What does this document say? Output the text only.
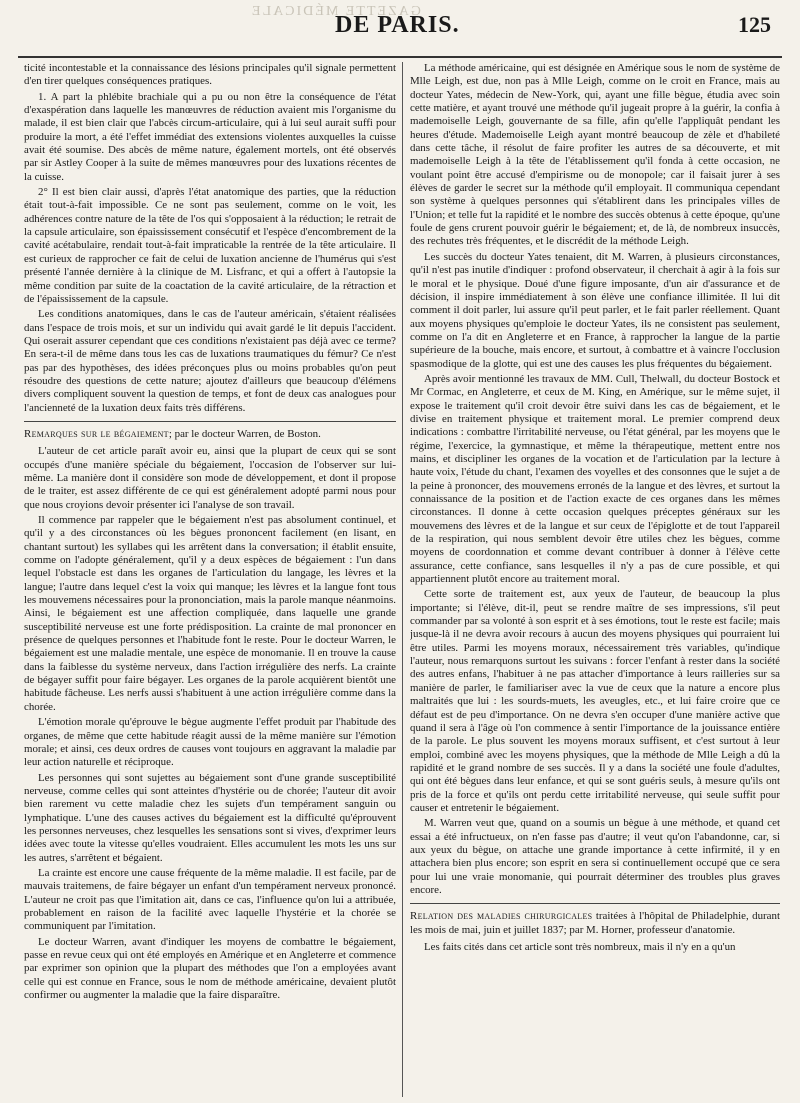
GAZETTE MÉDICALE
DE PARIS.	125

ticité incontestable et la connaissance des lésions principales qu'il signale permettent d'en tirer quelques conséquences pratiques.

1. A part la phlébite brachiale qui a pu ou non être la conséquence de l'état d'exaspération dans laquelle les manœuvres de réduction avaient mis l'organisme du malade, il est bien clair que l'abcès circum-articulaire, qui à lui seul aurait suffi pour produire la mort, a été l'effet immédiat des extensions violentes auxquelles la cuisse avait été soumise. Des abcès de même nature, également mortels, ont été observés par sir Astley Cooper à la suite de mêmes manœuvres pour des luxations récentes de la cuisse.

2° Il est bien clair aussi, d'après l'état anatomique des parties, que la réduction était tout-à-fait impossible. Ce ne sont pas seulement, comme on le voit, les adhérences contre nature de la tête de l'os qui s'opposaient à la réduction; le retrait de la capsule articulaire, son épaississement consécutif et l'espèce d'encombrement de la cavité acétabulaire, rendait tout-à-fait impraticable la rentrée de la tête articulaire. Il est curieux de rapprocher ce fait de celui de luxation ancienne de l'humérus qui s'est présenté l'année dernière à la clinique de M. Lisfranc, et qui a offert à l'autopsie la même condition par suite de la coactation de la cavité articulaire, de la rétraction et de l'épaississement de la capsule.

Les conditions anatomiques, dans le cas de l'auteur américain, s'étaient réalisées dans l'espace de trois mois, et sur un individu qui avait gardé le lit depuis l'accident. Qui oserait assurer cependant que ces conditions n'existaient pas déjà avec ce terme? En sera-t-il de même dans tous les cas de luxations traumatiques du fémur? Ce n'est pas par des hypothèses, des idées préconçues plus ou moins probables qu'on peut résoudre des questions de cette nature; ajoutez d'ailleurs que beaucoup d'élémens divers compliquent souvent la question de temps, et font de deux cas analogues pour l'ancienneté de la luxation deux faits très différens.

Remarques sur le bégaiement; par le docteur Warren, de Boston.

L'auteur de cet article paraît avoir eu, ainsi que la plupart de ceux qui se sont occupés d'une manière spéciale du bégaiement, l'occasion de l'observer sur lui-même. La manière dont il considère son mode de développement, et dont il propose de le traiter, est assez différente de ce qui est généralement adopté parmi nous pour que nous croyions devoir présenter ici l'analyse de son travail.

Il commence par rappeler que le bégaiement n'est pas absolument continuel, et qu'il y a des circonstances où les bègues prononcent facilement (en lisant, en chantant surtout) les syllabes qui les arrêtent dans la conversation; il établit ensuite, comme on l'adopte généralement, qu'il y a deux espèces de bégaiement : l'un dans lequel l'obstacle est dans les organes de l'articulation du langage, les lèvres et la langue; l'autre dans lequel c'est la voix qui manque; les lèvres et la langue font tous les mouvemens nécessaires pour la prononciation, mais la parole manque néanmoins. Ainsi, le bégaiement est une affection compliquée, dans laquelle une grande susceptibilité nerveuse est une forte prédisposition. La crainte de mal prononcer en présence de quelques personnes et l'habitude font le reste. Pour le docteur Warren, le bégaiement est une maladie mentale, une espèce de monomanie. Il en trouve la cause dans la faiblesse du système nerveux, dans l'action irrégulière des nerfs. La crainte de bégayer suffit pour faire bégayer. Les organes de la parole acquièrent bientôt une habitude fâcheuse. Les nerfs aussi s'habituent à une action irrégulière comme dans la chorée.

L'émotion morale qu'éprouve le bègue augmente l'effet produit par l'habitude des organes, de même que cette habitude réagit aussi de la même manière sur l'émotion morale; et ainsi, ces deux ordres de causes vont toujours en aggravant la maladie par leur action naturelle et réciproque.

Les personnes qui sont sujettes au bégaiement sont d'une grande susceptibilité nerveuse, comme celles qui sont atteintes d'hystérie ou de chorée; l'auteur dit avoir bien rarement vu cette maladie chez les sujets d'un tempérament sanguin ou lymphatique. L'une des causes actives du bégaiement est la difficulté qu'éprouvent les personnes nerveuses, chez lesquelles les sensations sont si vives, d'exprimer leurs idées avec toute la vitesse qu'elles voudraient. Elles accumulent les mots les uns sur les autres, s'arrêtent et bégaient.

La crainte est encore une cause fréquente de la même maladie. Il est facile, par de mauvais traitemens, de faire bégayer un enfant d'un tempérament nerveux prononcé. L'auteur ne croit pas que l'imitation ait, dans ce cas, l'influence qu'on lui a attribuée, probablement en raison de la facilité avec laquelle l'hystérie et la chorée se communiquent par l'imitation.

Le docteur Warren, avant d'indiquer les moyens de combattre le bégaiement, passe en revue ceux qui ont été employés en Amérique et en Angleterre et commence par exprimer son opinion que la plupart des méthodes que l'on a employées avant celle qui est connue en France, sous le nom de méthode américaine, devaient plutôt confirmer ou augmenter la maladie que la faire disparaître.

La méthode américaine, qui est désignée en Amérique sous le nom de système de Mlle Leigh, est due, non pas à Mlle Leigh, comme on le croit en France, mais au docteur Yates, médecin de New-York, qui, ayant une fille bègue, étudia avec soin cette matière, et ayant trouvé une méthode qu'il jugeait propre à la guérir, la confia à mademoiselle Leigh, gouvernante de sa fille, afin qu'elle l'appliquât pendant les heures d'étude. Mademoiselle Leigh ayant montré beaucoup de zèle et d'habileté dans cette tâche, il résolut de faire profiter les autres de sa découverte, et mit mademoiselle Leigh à la tête de l'établissement qu'il fonda à cette occasion, ne voulant point être accusé d'empirisme ou de monopole; car il faisait jurer à ses élèves de garder le secret sur la méthode qu'il employait. Il communiqua cependant son système à quelques personnes qui s'établirent dans les principales villes de l'Union; et telle fut la rapidité et le nombre des succès obtenus à cette époque, qu'une foule de gens crurent pouvoir guérir le bégaiement; et, de là, de nombreux insuccès, des rechutes très fréquentes, et le discrédit de la méthode Leigh.

Les succès du docteur Yates tenaient, dit M. Warren, à plusieurs circonstances, qu'il n'est pas inutile d'indiquer : profond observateur, il cherchait à agir à la fois sur le moral et le physique. Doué d'une figure imposante, d'un air d'assurance et de décision, il inspire immédiatement à son élève une confiance illimitée. Il lui dit comment il doit parler, lui assure qu'il peut parler, et le fait parler réellement. Quant aux moyens physiques qu'emploie le docteur Yates, ils ne consistent pas seulement, comme on l'a dit en Angleterre et en France, à rapprocher la langue de la partie supérieure de la bouche, mais encore, et surtout, à combattre et à vaincre l'occlusion spasmodique de la glotte, qui est une des causes les plus fréquentes du bégaiement.

Après avoir mentionné les travaux de MM. Cull, Thelwall, du docteur Bostock et Mr Cormac, en Angleterre, et ceux de M. King, en Amérique, sur le même sujet, il expose le traitement qu'il croit devoir être suivi dans les cas de bégaiement, et le divise en traitement physique et traitement moral. Le premier comprend deux indications : combattre l'irritabilité nerveuse, ou l'état général, par les moyens que le régime, l'exercice, la gymnastique, et même la thérapeutique, mettent entre nos mains, et discipliner les organes de la vocation et de l'articulation par la lecture à haute voix, l'étude du chant, l'examen des voyelles et des consonnes que le sujet a de la peine à prononcer, des mouvemens erronés de la langue et des lèvres, et surtout la connaissance de la position et de l'action exacte de ces organes dans les mêmes circonstances. Il donne à cette occasion quelques préceptes généraux sur les mouvemens des lèvres et de la langue et sur ceux de l'épiglotte et de tout l'appareil de la respiration, qui nous semblent devoir être utiles chez les bègues, comme moyens de coordonnation et comme devant contribuer à donner à l'élève cette assurance, cette confiance, sans lesquelles il n'y a pas de cure possible, et qui appartiennent plutôt encore au traitement moral.

Cette sorte de traitement est, aux yeux de l'auteur, de beaucoup la plus importante; si l'élève, dit-il, peut se rendre maître de ses impressions, s'il peut commander par sa volonté à son esprit et à ses émotions, tout le reste est facile; mais jusque-là il ne devra avoir recours à aucun des moyens physiques qui pourraient lui être utiles. Parmi les moyens moraux, nécessairement très variables, qu'indique l'auteur, nous remarquons surtout les suivans : forcer l'enfant à rester dans la société des autres enfans, l'habituer à ne pas attacher d'importance à leurs railleries sur sa manière de parler, le familiariser avec la vue de ceux que la nature a encore plus maltraités que lui : les sourds-muets, les aveugles, etc., et lui faire croire que ce défaut est de peu d'importance. On ne devra s'en occuper d'une manière active que quand il sera à l'âge où l'on commence à sentir l'importance de la jouissance entière de la parole. Le plus souvent les moyens moraux suffisent, et c'est surtout à leur emploi, combiné avec les moyens physiques, que la méthode de Mlle Leigh a dû la rapidité et le grand nombre de ses succès. Il y a dans la société une foule d'adultes, qui ont été bègues dans leur enfance, et qui se sont guéris seuls, à mesure qu'ils ont pris de la force et qu'ils ont perdu cette irritabilité nerveuse, qui seule suffit pour causer et entretenir le bégaiement.

M. Warren veut que, quand on a soumis un bègue à une méthode, et quand cet essai a été infructueux, on n'en fasse pas d'autre; il veut qu'on l'abandonne, car, si aux yeux du bègue, on attache une grande importance à cette infirmité, il y en attachera bien plus encore; son esprit en sera si continuellement occupé que ce sera pour lui une vraie monomanie, qui pourrait déterminer des troubles plus graves encore.

Relation des maladies chirurgicales traitées à l'hôpital de Philadelphie, durant les mois de mai, juin et juillet 1837; par M. Horner, professeur d'anatomie.

Les faits cités dans cet article sont très nombreux, mais il n'y en a qu'un
